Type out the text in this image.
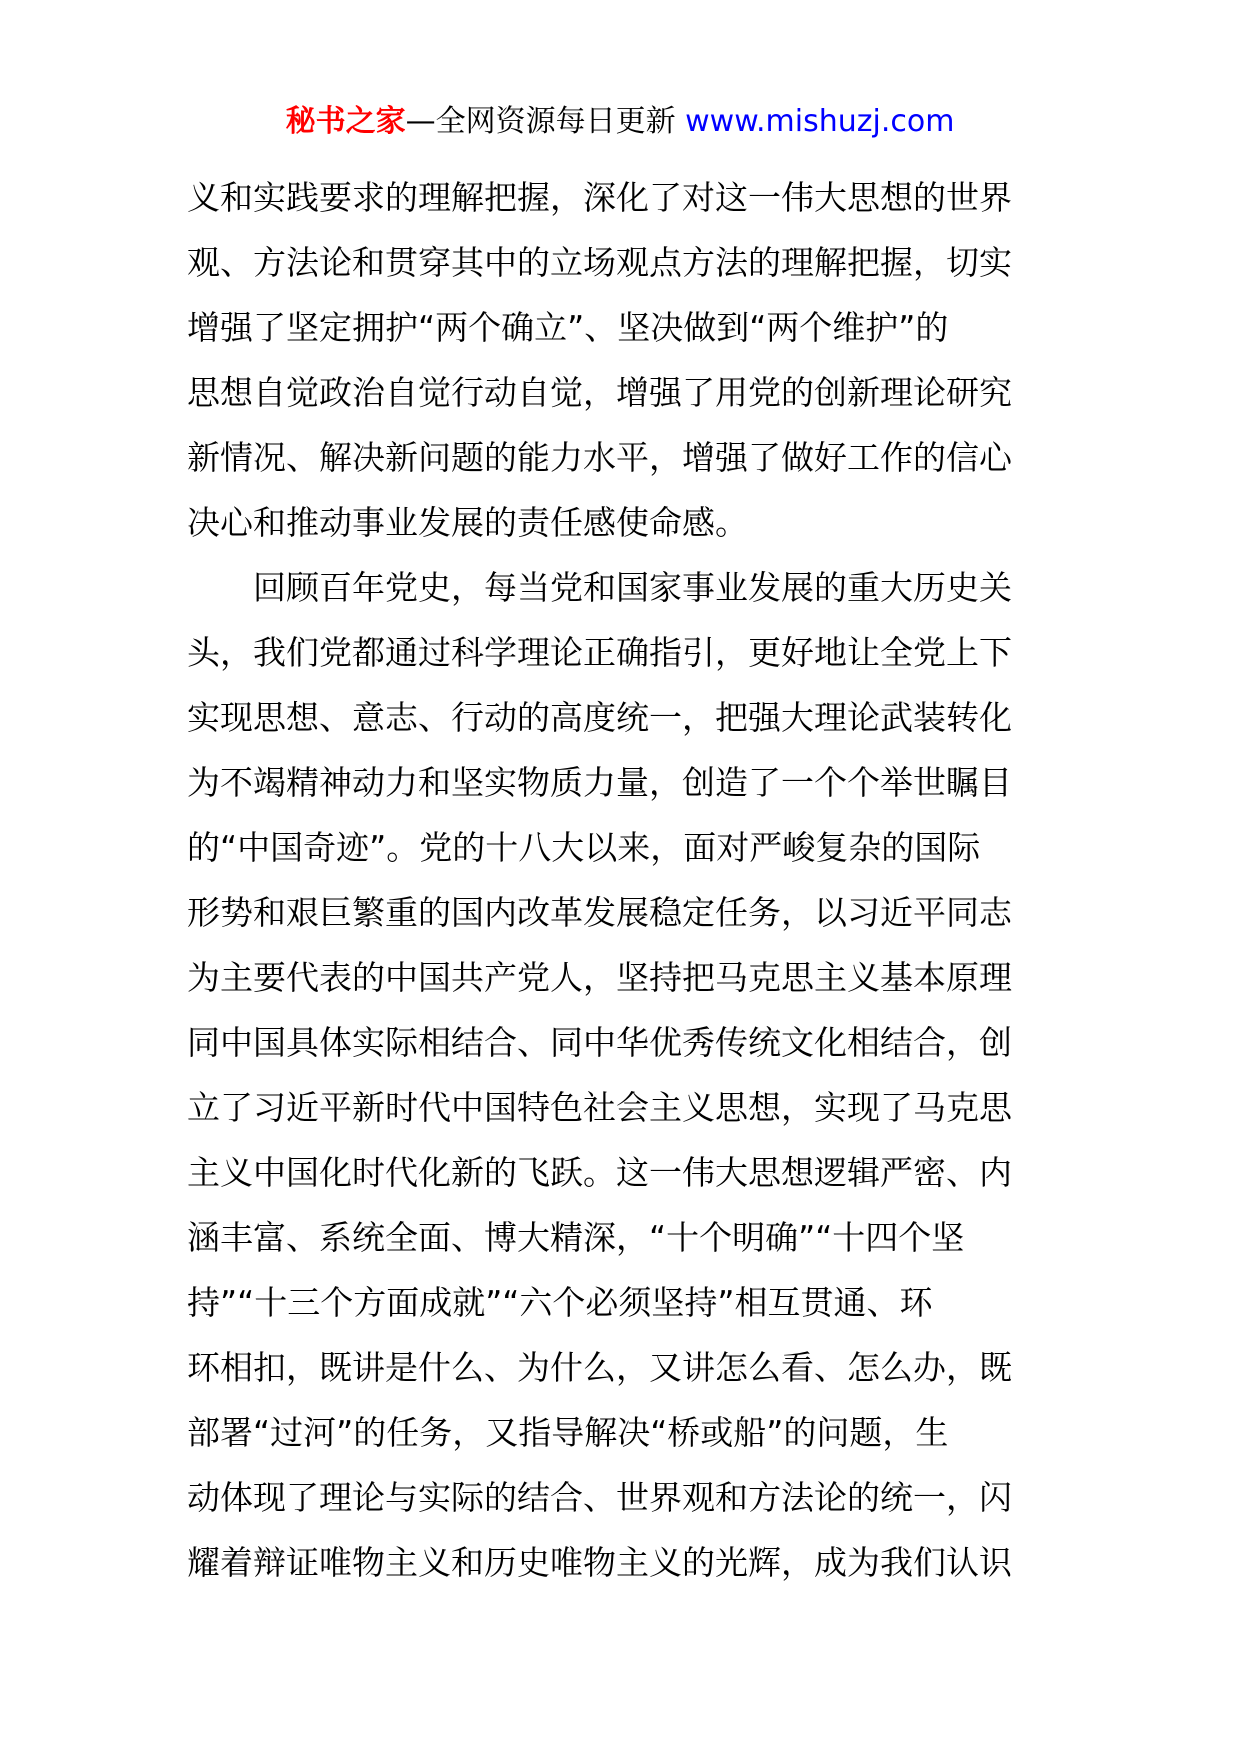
秘书之家—全网资源每日更新 www.mishuzj.com
义和实践要求的理解把握，深化了对这一伟大思想的世界
观、方法论和贯穿其中的立场观点方法的理解把握，切实
增强了坚定拥护“两个确立”、坚决做到“两个维护”的
思想自觉政治自觉行动自觉，增强了用党的创新理论研究
新情况、解决新问题的能力水平，增强了做好工作的信心
决心和推动事业发展的责任感使命感。
　　回顾百年党史，每当党和国家事业发展的重大历史关
头，我们党都通过科学理论正确指引，更好地让全党上下
实现思想、意志、行动的高度统一，把强大理论武装转化
为不竭精神动力和坚实物质力量，创造了一个个举世瞩目
的“中国奇迹”。党的十八大以来，面对严峻复杂的国际
形势和艰巨繁重的国内改革发展稳定任务，以习近平同志
为主要代表的中国共产党人，坚持把马克思主义基本原理
同中国具体实际相结合、同中华优秀传统文化相结合，创
立了习近平新时代中国特色社会主义思想，实现了马克思
主义中国化时代化新的飞跃。这一伟大思想逻辑严密、内
涵丰富、系统全面、博大精深，“十个明确”“十四个坚
持”“十三个方面成就”“六个必须坚持”相互贯通、环
环相扣，既讲是什么、为什么，又讲怎么看、怎么办，既
部署“过河”的任务，又指导解决“桥或船”的问题，生
动体现了理论与实际的结合、世界观和方法论的统一，闪
耀着辩证唯物主义和历史唯物主义的光辉，成为我们认识
